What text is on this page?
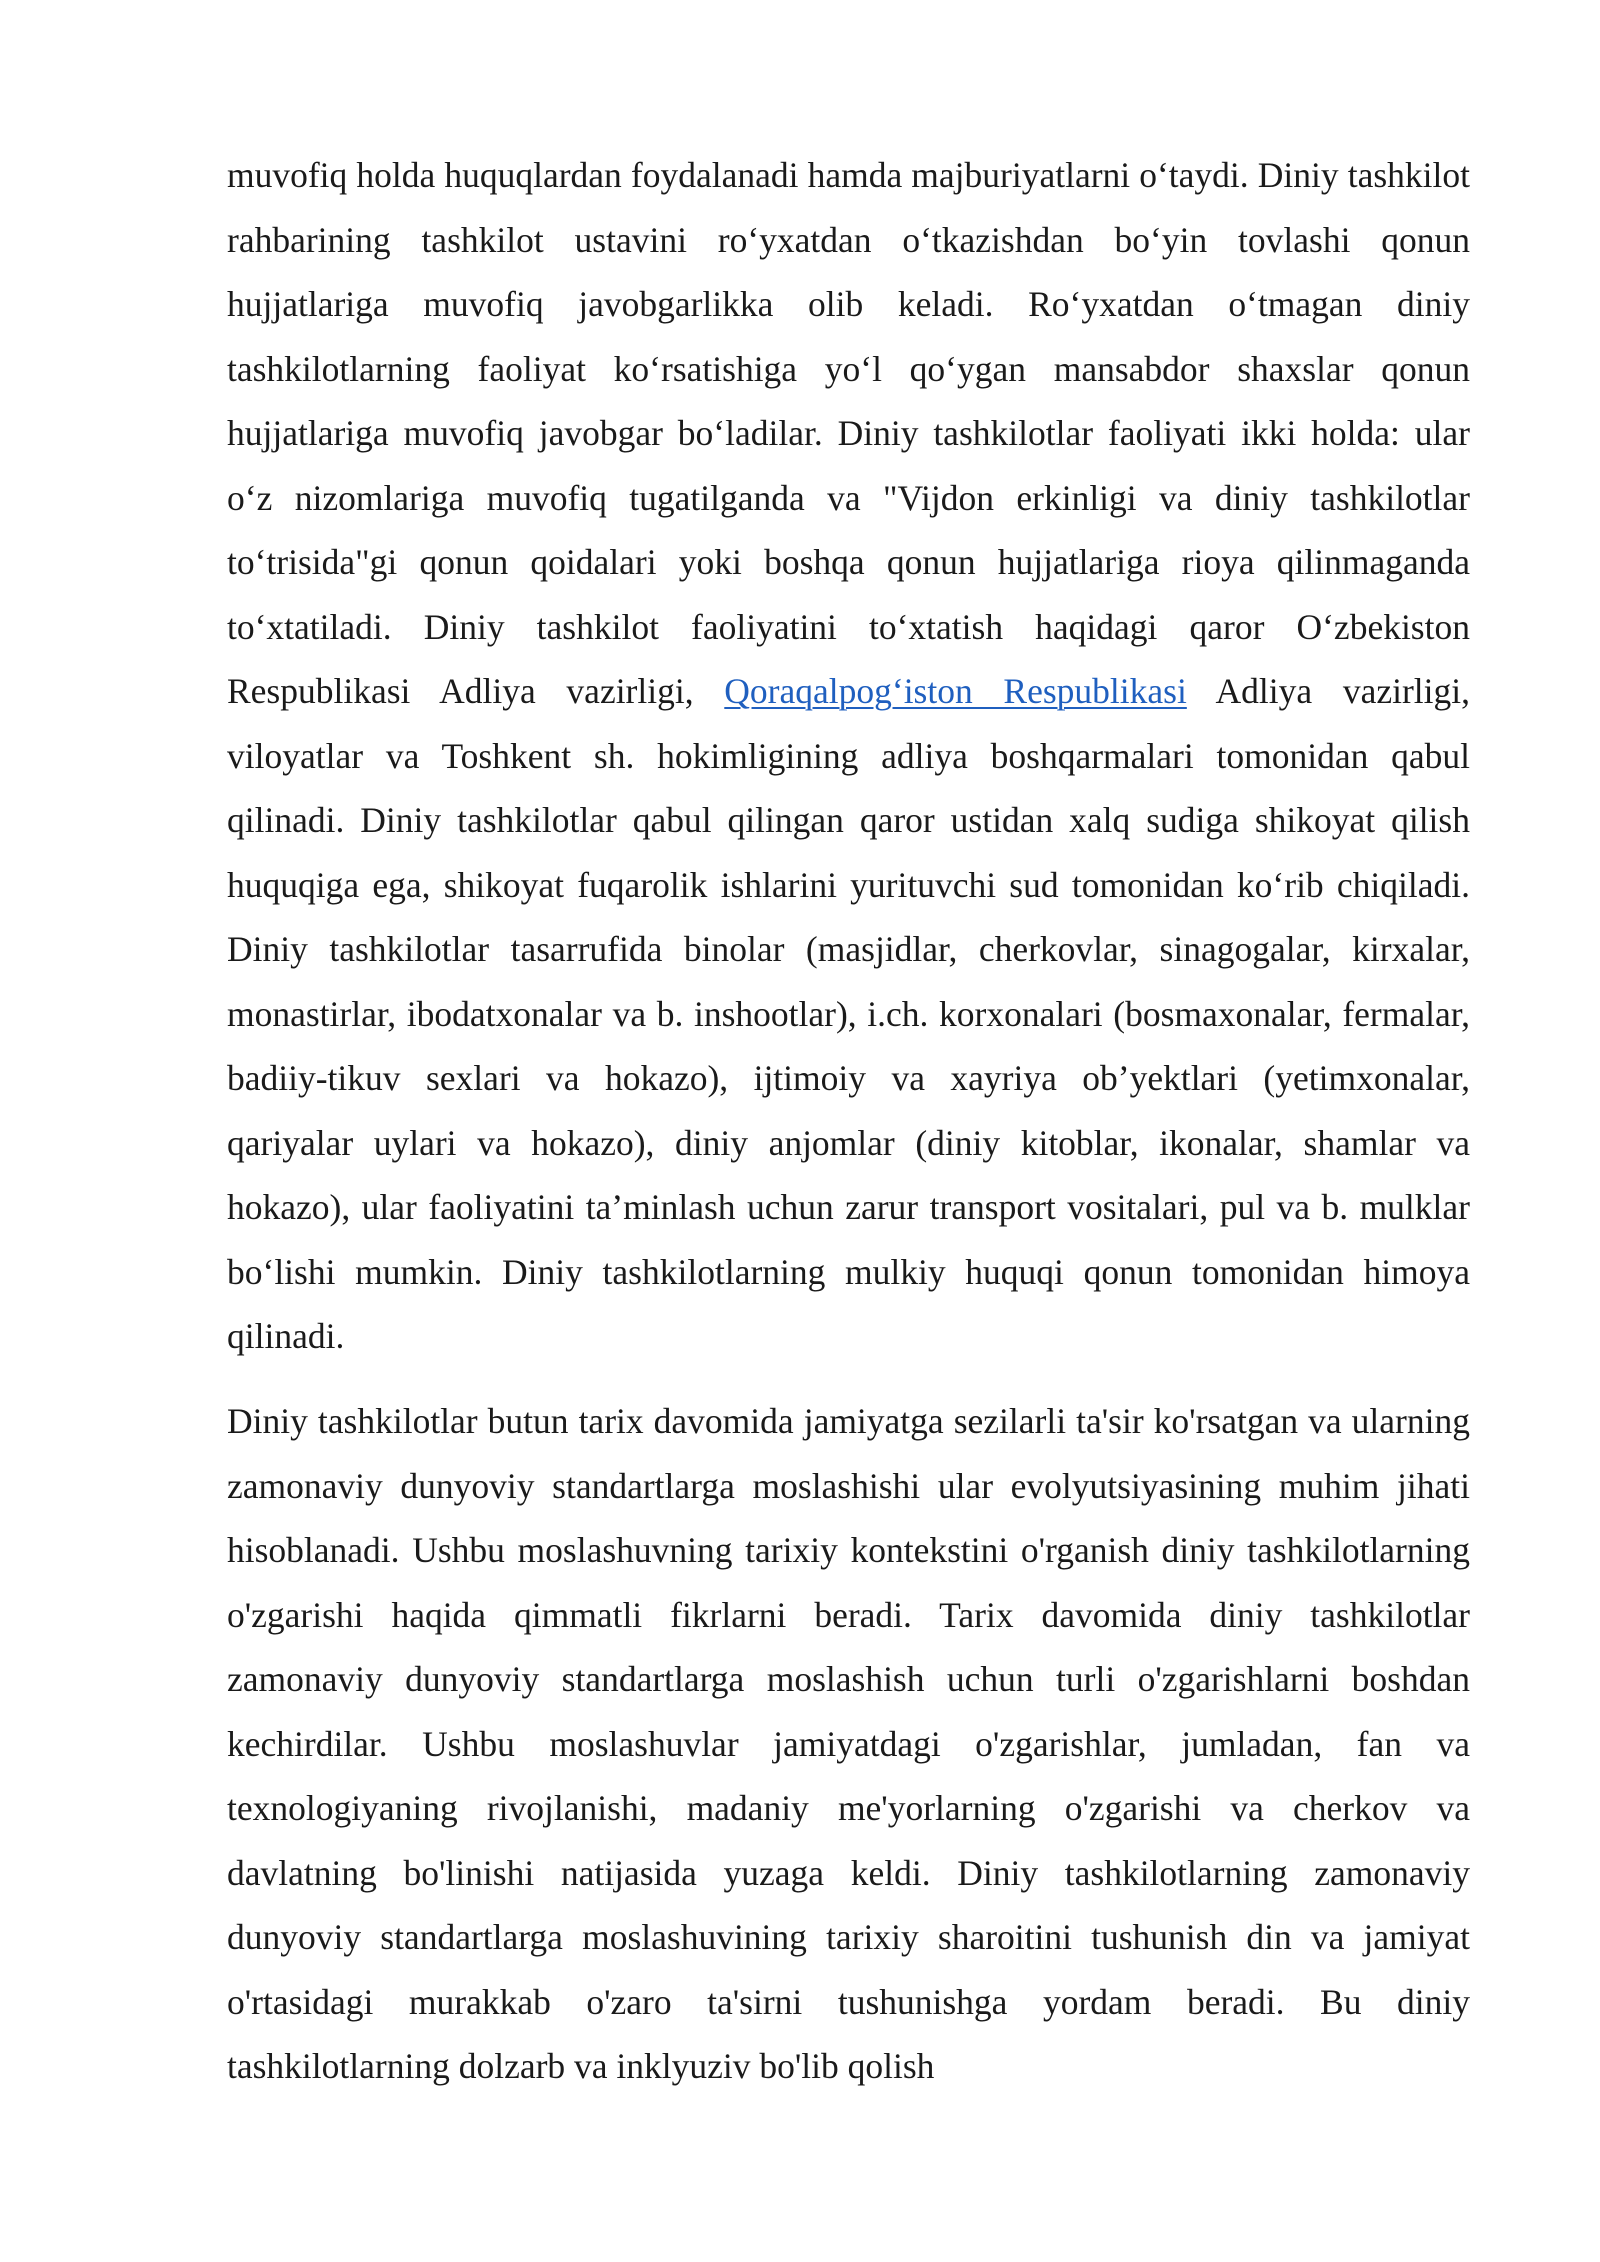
muvofiq holda huquqlardan foydalanadi hamda majburiyatlarni o‘taydi. Diniy tashkilot rahbarining tashkilot ustavini ro‘yxatdan o‘tkazishdan bo‘yin tovlashi qonun hujjatlariga muvofiq javobgarlikka olib keladi. Ro‘yxatdan o‘tmagan diniy tashkilotlarning faoliyat ko‘rsatishiga yo‘l qo‘ygan mansabdor shaxslar qonun hujjatlariga muvofiq javobgar bo‘ladilar. Diniy tashkilotlar faoliyati ikki holda: ular o‘z nizomlariga muvofiq tugatilganda va "Vijdon erkinligi va diniy tashkilotlar to‘trisida"gi qonun qoidalari yoki boshqa qonun hujjatlariga rioya qilinmaganda to‘xtatiladi. Diniy tashkilot faoliyatini to‘xtatish haqidagi qaror O‘zbekiston Respublikasi Adliya vazirligi, Qoraqalpog‘iston Respublikasi Adliya vazirligi, viloyatlar va Toshkent sh. hokimligining adliya boshqarmalari tomonidan qabul qilinadi. Diniy tashkilotlar qabul qilingan qaror ustidan xalq sudiga shikoyat qilish huquqiga ega, shikoyat fuqarolik ishlarini yurituvchi sud tomonidan ko‘rib chiqiladi. Diniy tashkilotlar tasarrufida binolar (masjidlar, cherkovlar, sinagogalar, kirxalar, monastirlar, ibodatxonalar va b. inshootlar), i.ch. korxonalari (bosmaxonalar, fermalar, badiiy-tikuv sexlari va hokazo), ijtimoiy va xayriya ob’yektlari (yetimxonalar, qariyalar uylari va hokazo), diniy anjomlar (diniy kitoblar, ikonalar, shamlar va hokazo), ular faoliyatini ta’minlash uchun zarur transport vositalari, pul va b. mulklar bo‘lishi mumkin. Diniy tashkilotlarning mulkiy huquqi qonun tomonidan himoya qilinadi.

Diniy tashkilotlar butun tarix davomida jamiyatga sezilarli ta'sir ko'rsatgan va ularning zamonaviy dunyoviy standartlarga moslashishi ular evolyutsiyasining muhim jihati hisoblanadi. Ushbu moslashuvning tarixiy kontekstini o'rganish diniy tashkilotlarning o'zgarishi haqida qimmatli fikrlarni beradi. Tarix davomida diniy tashkilotlar zamonaviy dunyoviy standartlarga moslashish uchun turli o'zgarishlarni boshdan kechirdilar. Ushbu moslashuvlar jamiyatdagi o'zgarishlar, jumladan, fan va texnologiyaning rivojlanishi, madaniy me'yorlarning o'zgarishi va cherkov va davlatning bo'linishi natijasida yuzaga keldi. Diniy tashkilotlarning zamonaviy dunyoviy standartlarga moslashuvining tarixiy sharoitini tushunish din va jamiyat o'rtasidagi murakkab o'zaro ta'sirni tushunishga yordam beradi. Bu diniy tashkilotlarning dolzarb va inklyuziv bo'lib qolish
